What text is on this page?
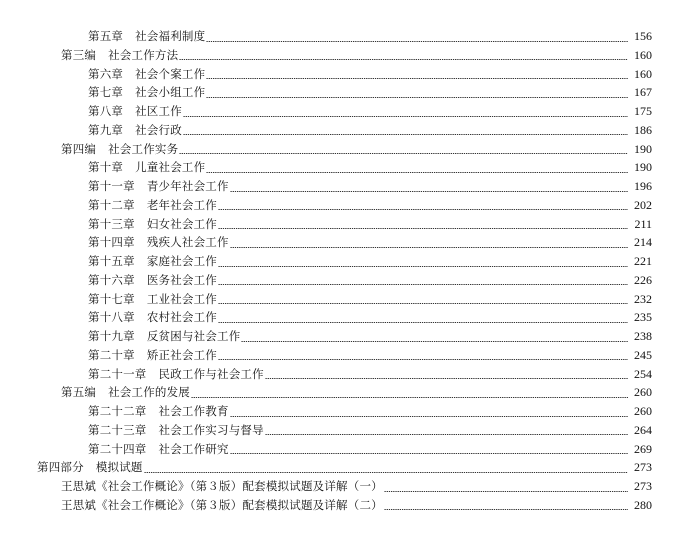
第五章 社会福利制度	156
第三编 社会工作方法	160
第六章 社会个案工作	160
第七章 社会小组工作	167
第八章 社区工作	175
第九章 社会行政	186
第四编 社会工作实务	190
第十章 儿童社会工作	190
第十一章 青少年社会工作	196
第十二章 老年社会工作	202
第十三章 妇女社会工作	211
第十四章 残疾人社会工作	214
第十五章 家庭社会工作	221
第十六章 医务社会工作	226
第十七章 工业社会工作	232
第十八章 农村社会工作	235
第十九章 反贫困与社会工作	238
第二十章 矫正社会工作	245
第二十一章 民政工作与社会工作	254
第五编 社会工作的发展	260
第二十二章 社会工作教育	260
第二十三章 社会工作实习与督导	264
第二十四章 社会工作研究	269
第四部分 模拟试题	273
王思斌《社会工作概论》（第３版）配套模拟试题及详解（一）	273
王思斌《社会工作概论》（第３版）配套模拟试题及详解（二）	280
